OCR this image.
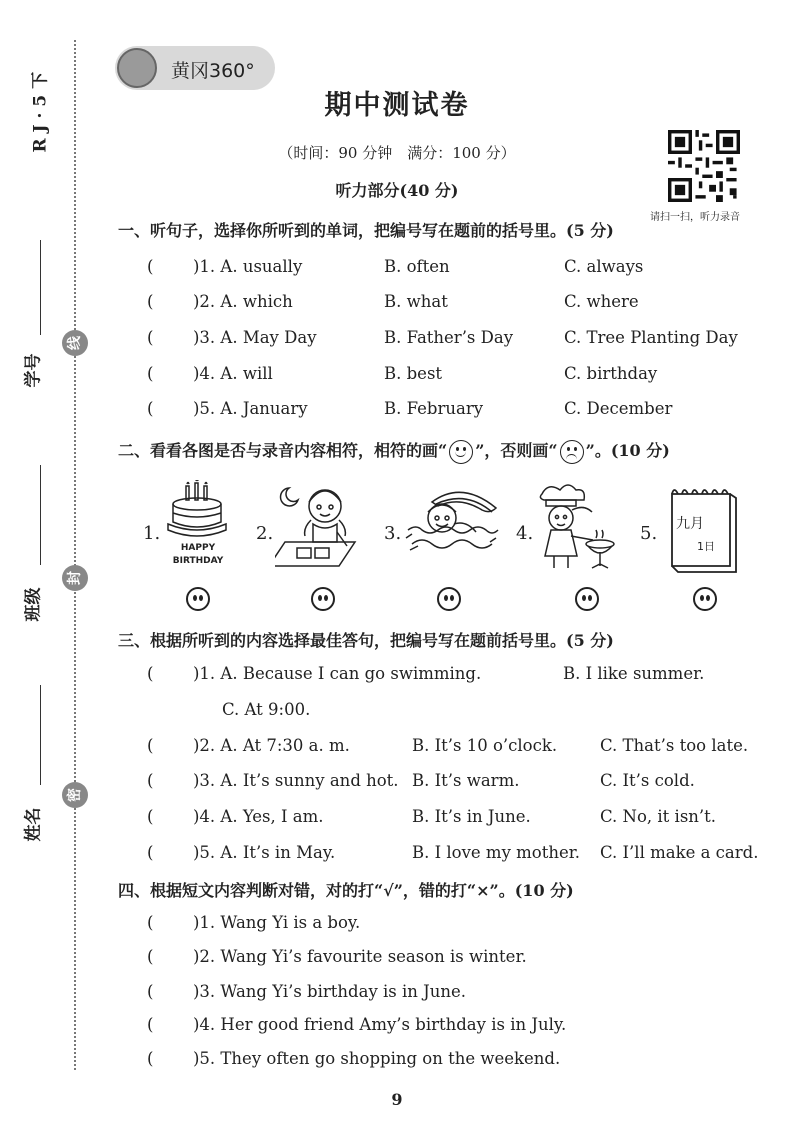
R J · 5 下
学号
线
班级
封
姓名
密
黄冈360°
期中测试卷
（时间：90 分钟　满分：100 分）
听力部分(40 分)
请扫一扫，听力录音
一、听句子，选择你所听到的单词，把编号写在题前的括号里。(5 分)
( )1. A. usually	B. often	C. always
( )2. A. which	B. what	C. where
( )3. A. May Day	B. Father’s Day	C. Tree Planting Day
( )4. A. will	B. best	C. birthday
( )5. A. January	B. February	C. December
二、看看各图是否与录音内容相符，相符的画“ ”，否则画“ ”。(10 分)
1.
HAPPY
BIRTHDAY
2.	3.	4.	5. 九月
1日
三、根据所听到的内容选择最佳答句，把编号写在题前括号里。(5 分)
( )1. A. Because I can go swimming.	B. I like summer.
C. At 9:00.
( )2. A. At 7:30 a. m.	B. It’s 10 o’clock.	C. That’s too late.
( )3. A. It’s sunny and hot. B. It’s warm.	C. It’s cold.
( )4. A. Yes, I am.	B. It’s in June.	C. No, it isn’t.
( )5. A. It’s in May.	B. I love my mother. C. I’ll make a card.
四、根据短文内容判断对错，对的打“√”，错的打“×”。(10 分)
( )1. Wang Yi is a boy.
( )2. Wang Yi’s favourite season is winter.
( )3. Wang Yi’s birthday is in June.
( )4. Her good friend Amy’s birthday is in July.
( )5. They often go shopping on the weekend.
9
